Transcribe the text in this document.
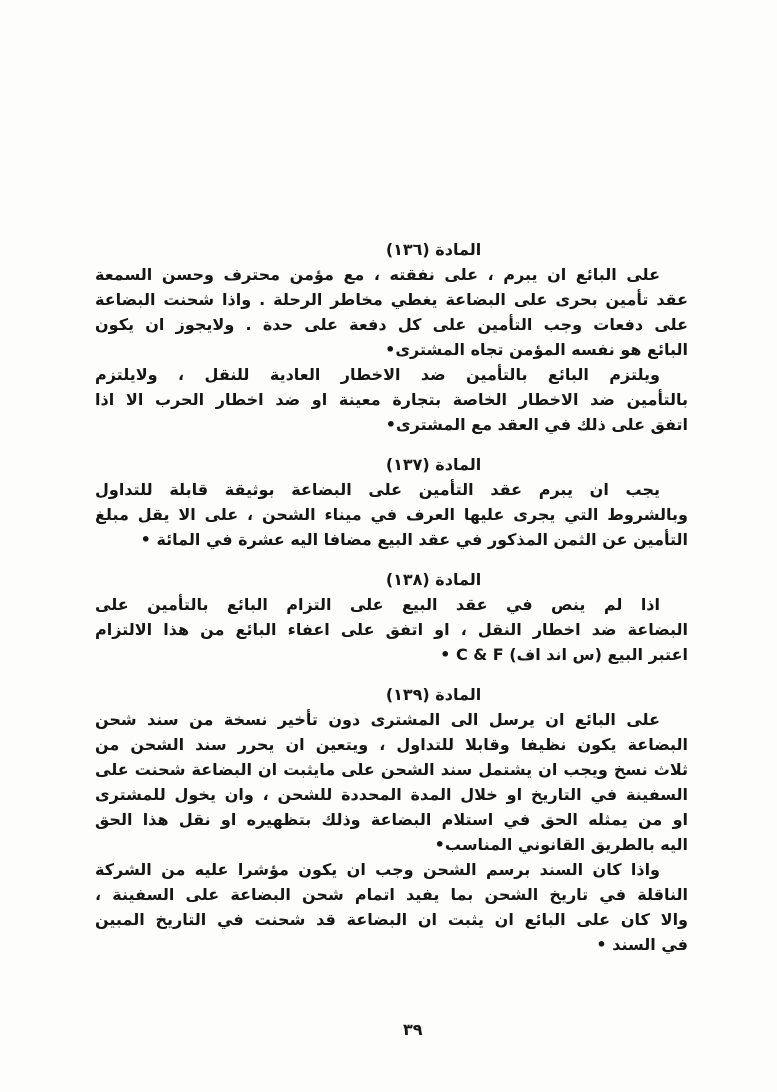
المادة (١٣٦)
على البائع ان يبرم ، على نفقته ، مع مؤمن محترف وحسن السمعة
عقد تأمين بحرى على البضاعة يغطي مخاطر الرحلة . واذا شحنت البضاعة
على دفعات وجب التأمين على كل دفعة على حدة . ولايجوز ان يكون
البائع هو نفسه المؤمن تجاه المشترى•
ويلتزم البائع بالتأمين ضد الاخطار العادية للنقل ، ولايلتزم
بالتأمين ضد الاخطار الخاصة بتجارة معينة او ضد اخطار الحرب الا اذا
اتفق على ذلك في العقد مع المشترى•
المادة (١٣٧)
يجب ان يبرم عقد التأمين على البضاعة بوثيقة قابلة للتداول
وبالشروط التي يجرى عليها العرف في ميناء الشحن ، على الا يقل مبلغ
التأمين عن الثمن المذكور في عقد البيع مضافا اليه عشرة في المائة •
المادة (١٣٨)
اذا لم ينص في عقد البيع على التزام البائع بالتأمين على
البضاعة ضد اخطار النقل ، او اتفق على اعفاء البائع من هذا الالتزام
اعتبر البيع (س اند اف) C & F •
المادة (١٣٩)
على البائع ان يرسل الى المشترى دون تأخير نسخة من سند شحن
البضاعة يكون نظيفا وقابلا للتداول ، ويتعين ان يحرر سند الشحن من
ثلاث نسخ ويجب ان يشتمل سند الشحن على مايثبت ان البضاعة شحنت على
السفينة في التاريخ او خلال المدة المحددة للشحن ، وان يخول للمشترى
او من يمثله الحق في استلام البضاعة وذلك بتظهيره او نقل هذا الحق
اليه بالطريق القانوني المناسب•
واذا كان السند برسم الشحن وجب ان يكون مؤشرا عليه من الشركة
الناقلة في تاريخ الشحن بما يفيد اتمام شحن البضاعة على السفينة ،
والا كان على البائع ان يثبت ان البضاعة قد شحنت في التاريخ المبين
في السند •
٣٩
